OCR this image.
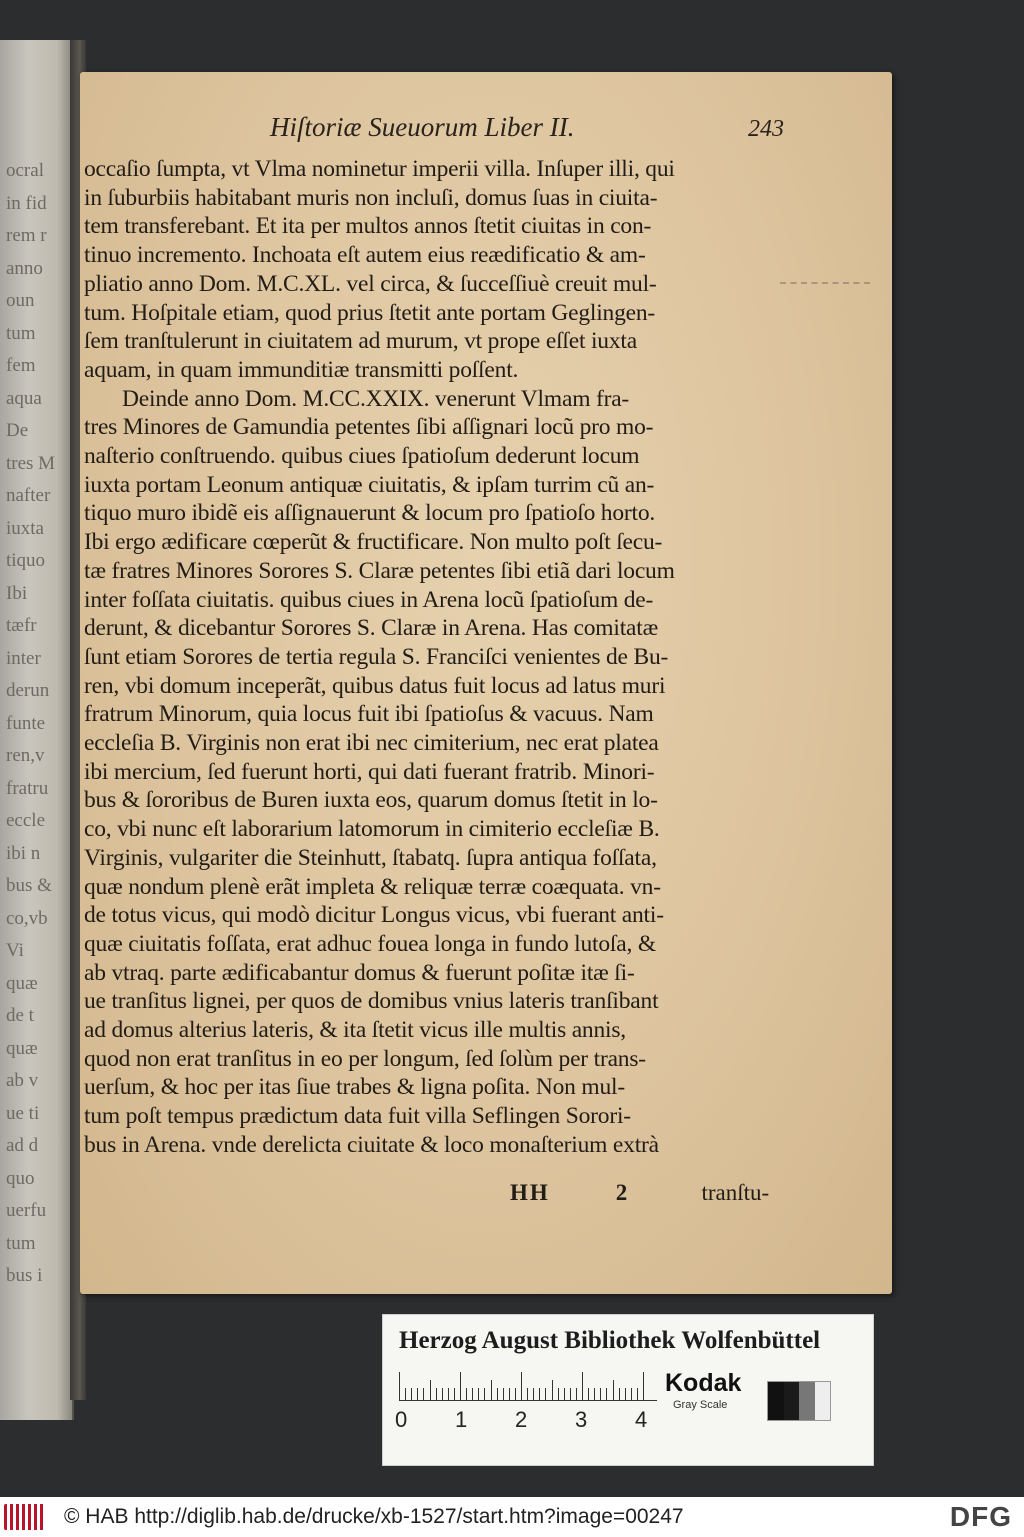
ocral
in fid
rem r
anno
oun
tum
fem
aqua
De
tres M
nafter
iuxta
tiquo
Ibi
tæfr
inter
derun
funte
ren,v
fratru
eccle
ibi n
bus &
co,vb
Vi
quæ
de t
quæ
ab v
ue ti
ad d
quo
uerfu
tum
bus i
Hiſtoriæ Sueuorum Liber II.	243
occaſio ſumpta, vt Vlma nominetur imperii villa. Inſuper illi, qui
in ſuburbiis habitabant muris non incluſi, domus ſuas in ciuita-
tem transferebant. Et ita per multos annos ſtetit ciuitas in con-
tinuo incremento. Inchoata eſt autem eius reædificatio & am-
pliatio anno Dom. M.C.XL. vel circa, & ſucceſſiuè creuit mul-
tum. Hoſpitale etiam, quod prius ſtetit ante portam Geglingen-
ſem tranſtulerunt in ciuitatem ad murum, vt prope eſſet iuxta
aquam, in quam immunditiæ transmitti poſſent.
Deinde anno Dom. M.CC.XXIX. venerunt Vlmam fra-
tres Minores de Gamundia petentes ſibi aſſignari locũ pro mo-
naſterio conſtruendo. quibus ciues ſpatioſum dederunt locum
iuxta portam Leonum antiquæ ciuitatis, & ipſam turrim cũ an-
tiquo muro ibidẽ eis aſſignauerunt & locum pro ſpatioſo horto.
Ibi ergo ædificare cœperũt & fructificare. Non multo poſt ſecu-
tæ fratres Minores Sorores S. Claræ petentes ſibi etiã dari locum
inter foſſata ciuitatis. quibus ciues in Arena locũ ſpatioſum de-
derunt, & dicebantur Sorores S. Claræ in Arena. Has comitatæ
ſunt etiam Sorores de tertia regula S. Franciſci venientes de Bu-
ren, vbi domum inceperãt, quibus datus fuit locus ad latus muri
fratrum Minorum, quia locus fuit ibi ſpatioſus & vacuus. Nam
eccleſia B. Virginis non erat ibi nec cimiterium, nec erat platea
ibi mercium, ſed fuerunt horti, qui dati fuerant fratrib. Minori-
bus & ſororibus de Buren iuxta eos, quarum domus ſtetit in lo-
co, vbi nunc eſt laborarium latomorum in cimiterio eccleſiæ B.
Virginis, vulgariter die Steinhutt, ſtabatq. ſupra antiqua foſſata,
quæ nondum plenè erãt impleta & reliquæ terræ coæquata. vn-
de totus vicus, qui modò dicitur Longus vicus, vbi fuerant anti-
quæ ciuitatis foſſata, erat adhuc fouea longa in fundo lutoſa, &
ab vtraq. parte ædificabantur domus & fuerunt poſitæ itæ ſi-
ue tranſitus lignei, per quos de domibus vnius lateris tranſibant
ad domus alterius lateris, & ita ſtetit vicus ille multis annis,
quod non erat tranſitus in eo per longum, ſed ſolùm per trans-
uerſum, & hoc per itas ſiue trabes & ligna poſita. Non mul-
tum poſt tempus prædictum data fuit villa Seflingen Sorori-
bus in Arena. vnde derelicta ciuitate & loco monaſterium extrà
HH	2	tranſtu-
Herzog August Bibliothek Wolfenbüttel
0 1 2 3 4
Kodak
Gray Scale
© HAB http://diglib.hab.de/drucke/xb-1527/start.htm?image=00247	DFG
